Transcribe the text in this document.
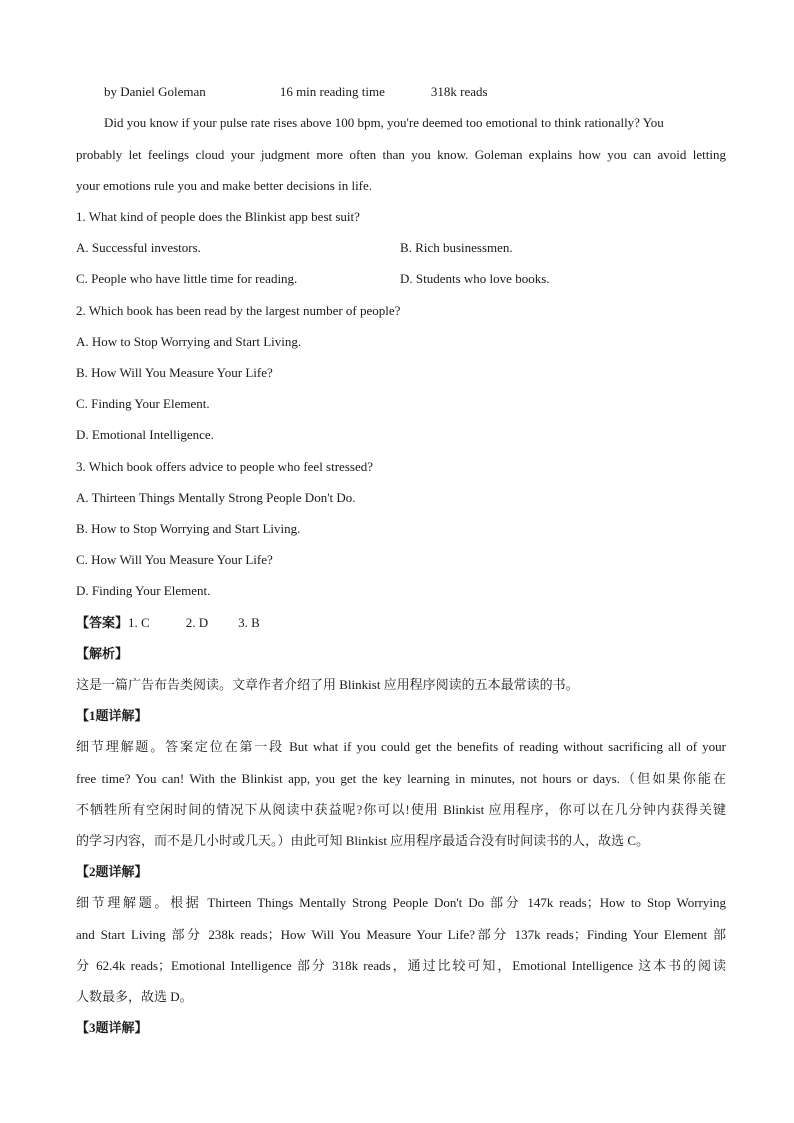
by Daniel Goleman	16 min reading time	318k reads
Did you know if your pulse rate rises above 100 bpm, you're deemed too emotional to think rationally? You
probably let feelings cloud your judgment more often than you know. Goleman explains how you can avoid letting
your emotions rule you and make better decisions in life.
1. What kind of people does the Blinkist app best suit?
A. Successful investors.	B. Rich businessmen.
C. People who have little time for reading.	D. Students who love books.
2. Which book has been read by the largest number of people?
A. How to Stop Worrying and Start Living.
B. How Will You Measure Your Life?
C. Finding Your Element.
D. Emotional Intelligence.
3. Which book offers advice to people who feel stressed?
A. Thirteen Things Mentally Strong People Don't Do.
B. How to Stop Worrying and Start Living.
C. How Will You Measure Your Life?
D. Finding Your Element.
【答案】1. C	2. D 3. B
【解析】
这是一篇广告布告类阅读。文章作者介绍了用 Blinkist 应用程序阅读的五本最常读的书。
【1题详解】
细节理解题。答案定位在第一段 But what if you could get the benefits of reading without sacrificing all of your
free time? You can! With the Blinkist app, you get the key learning in minutes, not hours or days.（但如果你能在
不牺牲所有空闲时间的情况下从阅读中获益呢?你可以!使用 Blinkist 应用程序，你可以在几分钟内获得关键
的学习内容，而不是几小时或几天。）由此可知 Blinkist 应用程序最适合没有时间读书的人，故选 C。
【2题详解】
细节理解题。根据 Thirteen Things Mentally Strong People Don't Do 部分 147k reads；How to Stop Worrying
and Start Living 部分 238k reads；How Will You Measure Your Life?部分 137k reads；Finding Your Element 部
分 62.4k reads；Emotional Intelligence 部分 318k reads，通过比较可知，Emotional Intelligence 这本书的阅读
人数最多，故选 D。
【3题详解】
